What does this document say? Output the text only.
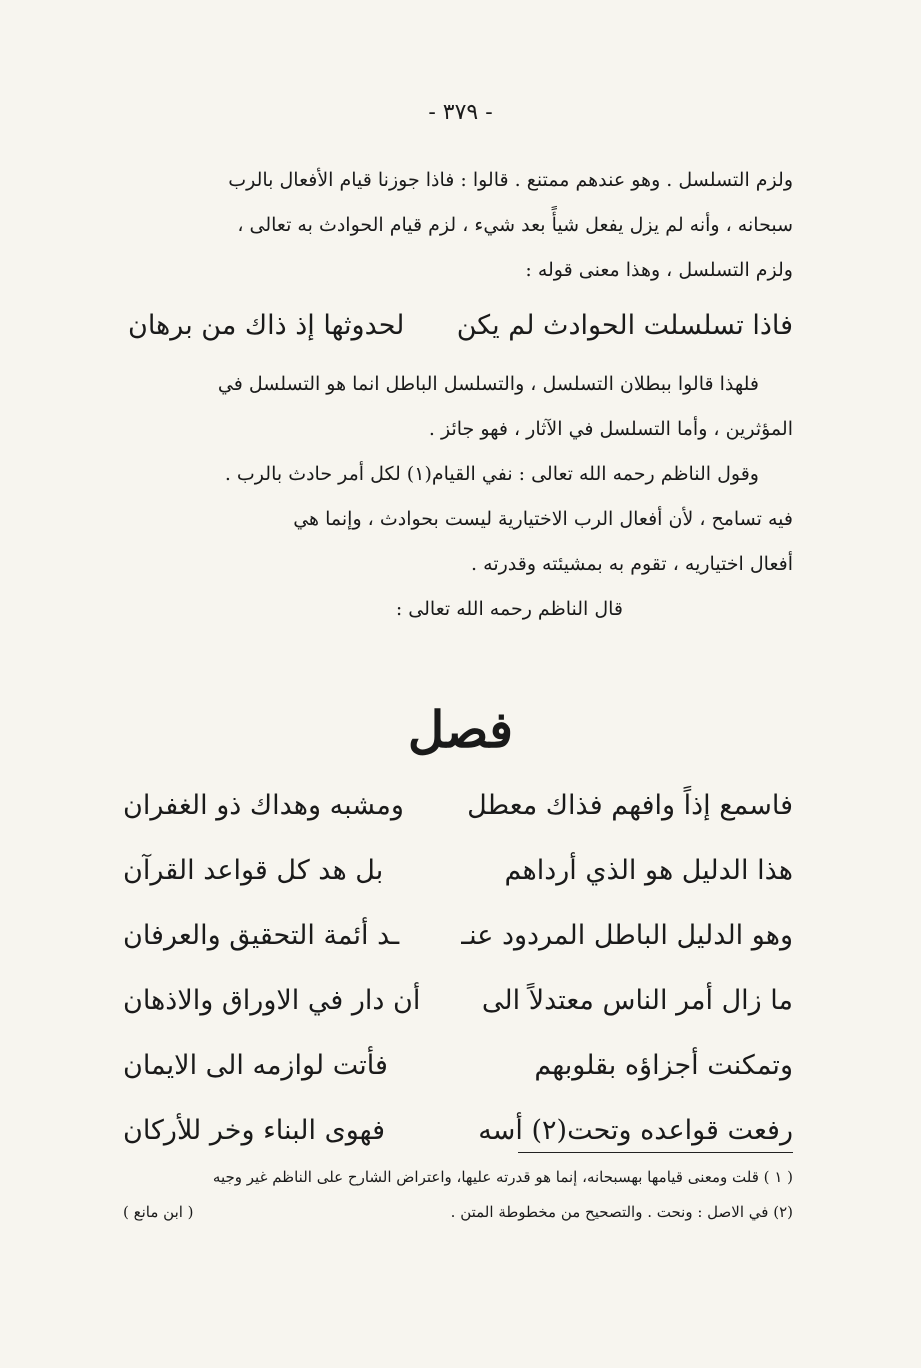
- ٣٧٩ -
ولزم التسلسل . وهو عندهم ممتنع . قالوا : فاذا جوزنا قيام الأفعال بالرب
سبحانه ، وأنه لم يزل يفعل شيأً بعد شيء ، لزم قيام الحوادث به تعالى ،
ولزم التسلسل ، وهذا معنى قوله :
فاذا تسلسلت الحوادث لم يكن
لحدوثها إذ ذاك من برهان
فلهذا قالوا ببطلان التسلسل ، والتسلسل الباطل انما هو التسلسل في
المؤثرين ، وأما التسلسل في الآثار ، فهو جائز .
وقول الناظم رحمه الله تعالى : نفي القيام(١) لكل أمر حادث بالرب .
فيه تسامح ، لأن أفعال الرب الاختيارية ليست بحوادث ، وإنما هي
أفعال اختياريه ، تقوم به بمشيئته وقدرته .
قال الناظم رحمه الله تعالى :
فصل
فاسمع إذاً وافهم فذاك معطل
ومشبه وهداك ذو الغفران
هذا الدليل هو الذي أرداهم
بل هد كل قواعد القرآن
وهو الدليل الباطل المردود عنـ
ـد أئمة التحقيق والعرفان
ما زال أمر الناس معتدلاً الى
أن دار في الاوراق والاذهان
وتمكنت أجزاؤه بقلوبهم
فأتت لوازمه الى الايمان
رفعت قواعده وتحت(٢) أسه
فهوى البناء وخر للأركان
( ١ ) قلت ومعنى قيامها بهسبحانه، إنما هو قدرته عليها، واعتراض الشارح على الناظم غير وجيه
(٢) في الاصل : ونحت . والتصحيح من مخطوطة المتن .
( ابن مانع )
